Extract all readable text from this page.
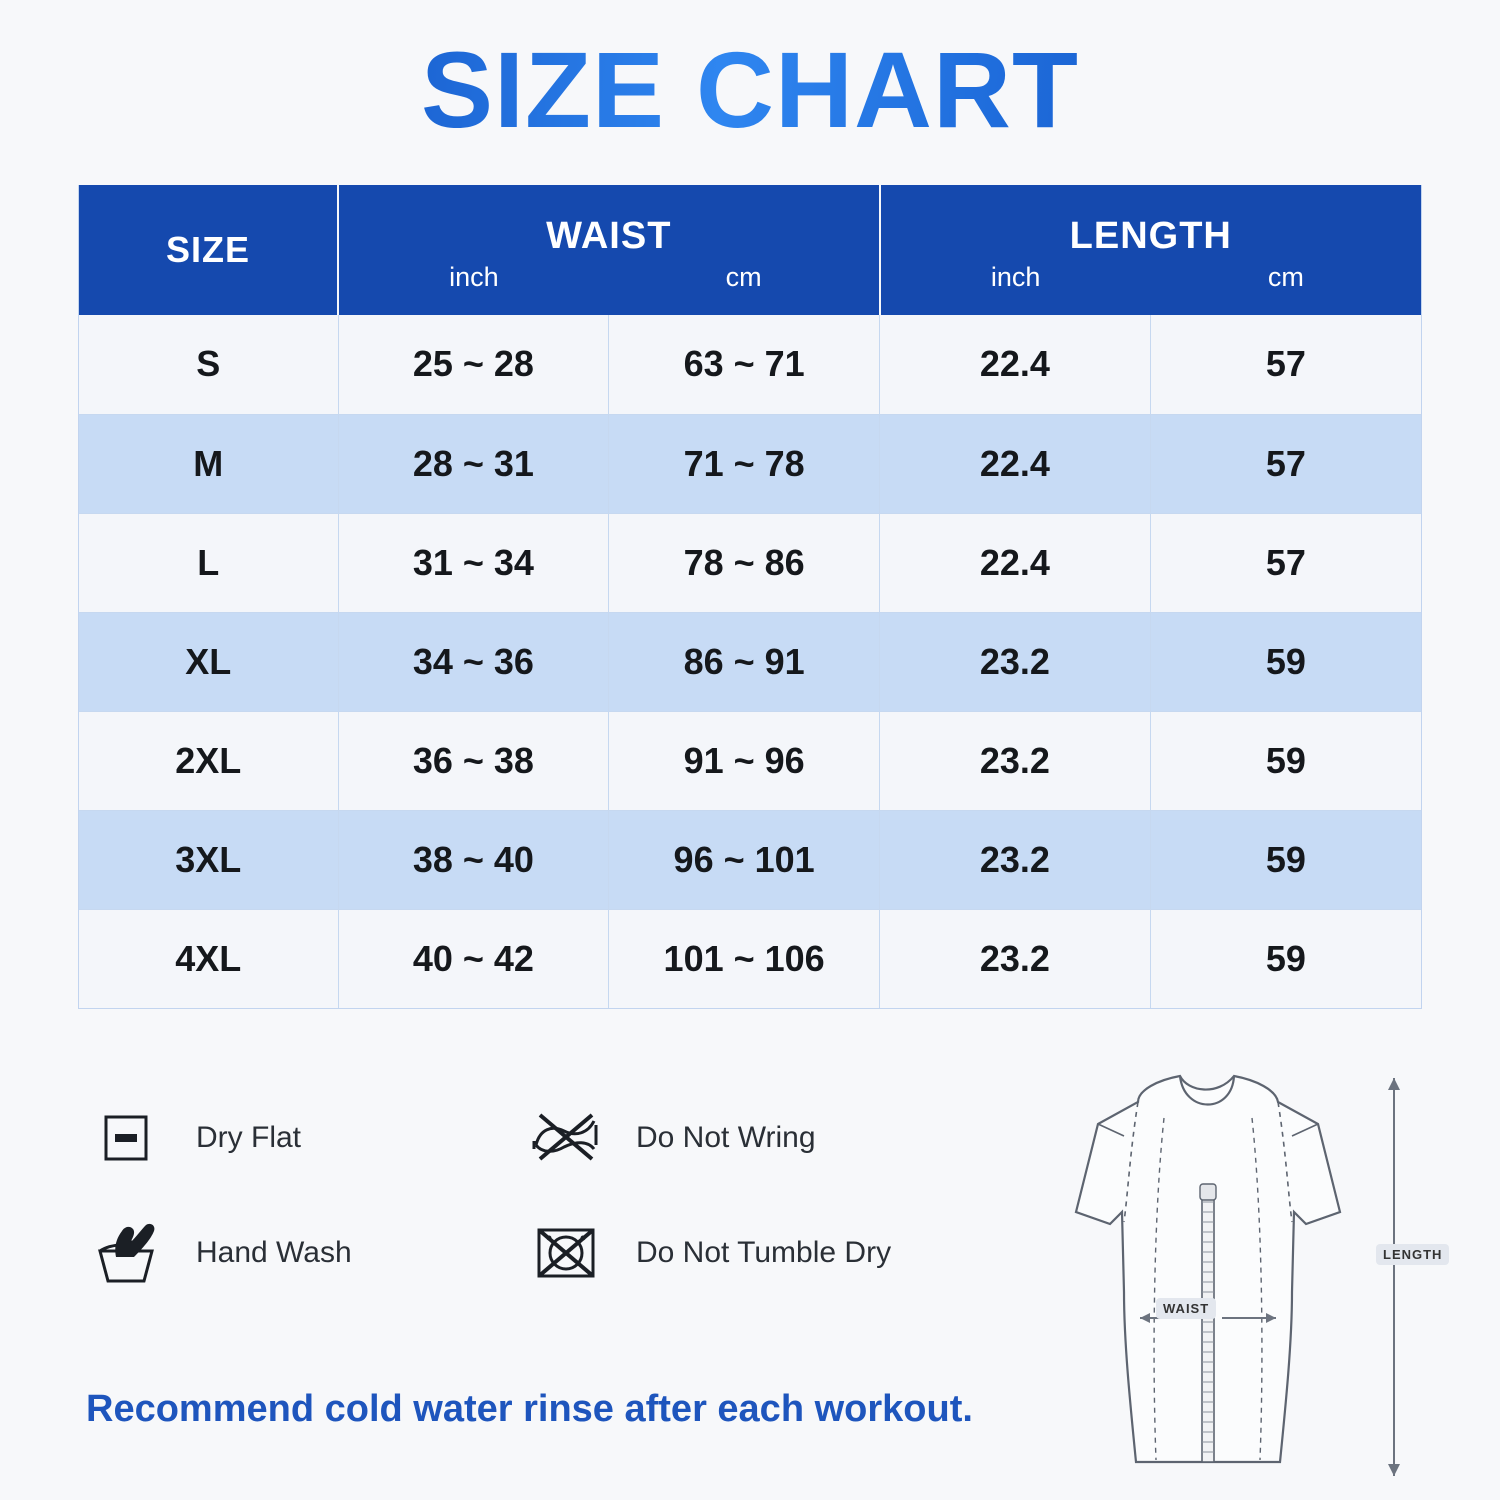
SIZE CHART
SIZE	WAIST
inch	cm

LENGTH
inch	cm

S	25 ~ 28	63 ~ 71	22.4	57
M	28 ~ 31	71 ~ 78	22.4	57
L	31 ~ 34	78 ~ 86	22.4	57
XL	34 ~ 36	86 ~ 91	23.2	59
2XL	36 ~ 38	91 ~ 96	23.2	59
3XL	38 ~ 40	96 ~ 101	23.2	59
4XL	40 ~ 42	101 ~ 106	23.2	59
Dry Flat	Do Not Wring
Hand Wash	Do Not Tumble Dry
Recommend cold water rinse after each workout.
WAIST
LENGTH
